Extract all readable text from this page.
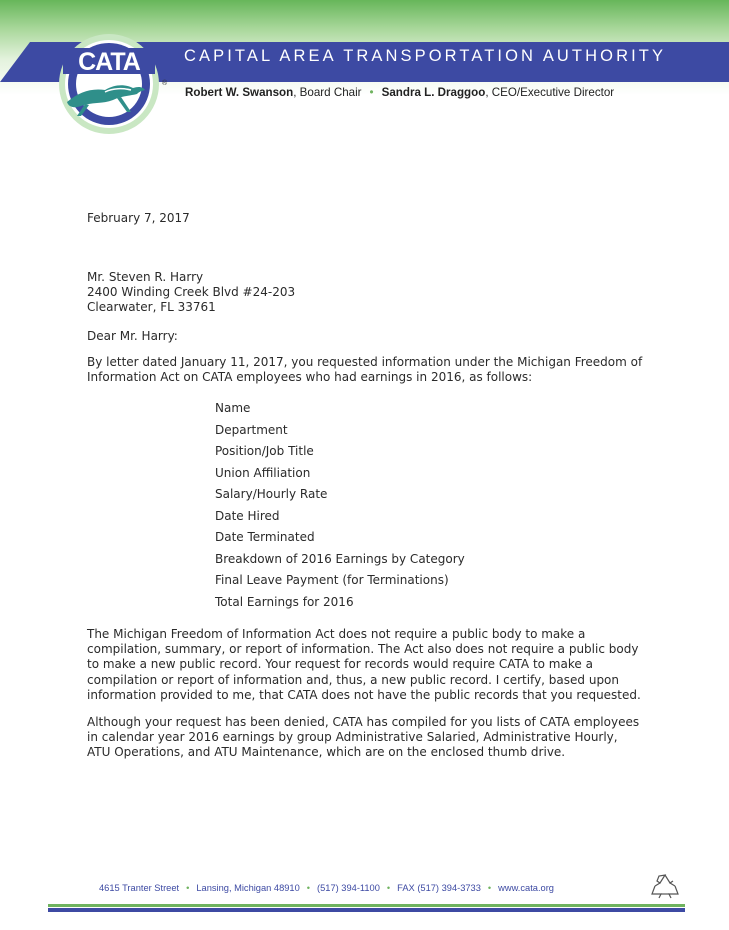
CAPITAL AREA TRANSPORTATION AUTHORITY
CATA
®
Robert W. Swanson, Board Chair • Sandra L. Draggoo, CEO/Executive Director
February 7, 2017
Mr. Steven R. Harry
2400 Winding Creek Blvd #24-203
Clearwater, FL 33761
Dear Mr. Harry:
By letter dated January 11, 2017, you requested information under the Michigan Freedom of
Information Act on CATA employees who had earnings in 2016, as follows:
Name
Department
Position/Job Title
Union Affiliation
Salary/Hourly Rate
Date Hired
Date Terminated
Breakdown of 2016 Earnings by Category
Final Leave Payment (for Terminations)
Total Earnings for 2016
The Michigan Freedom of Information Act does not require a public body to make a
compilation, summary, or report of information. The Act also does not require a public body
to make a new public record. Your request for records would require CATA to make a
compilation or report of information and, thus, a new public record. I certify, based upon
information provided to me, that CATA does not have the public records that you requested.
Although your request has been denied, CATA has compiled for you lists of CATA employees
in calendar year 2016 earnings by group Administrative Salaried, Administrative Hourly,
ATU Operations, and ATU Maintenance, which are on the enclosed thumb drive.
4615 Tranter Street • Lansing, Michigan 48910 • (517) 394-1100 • FAX (517) 394-3733 • www.cata.org
